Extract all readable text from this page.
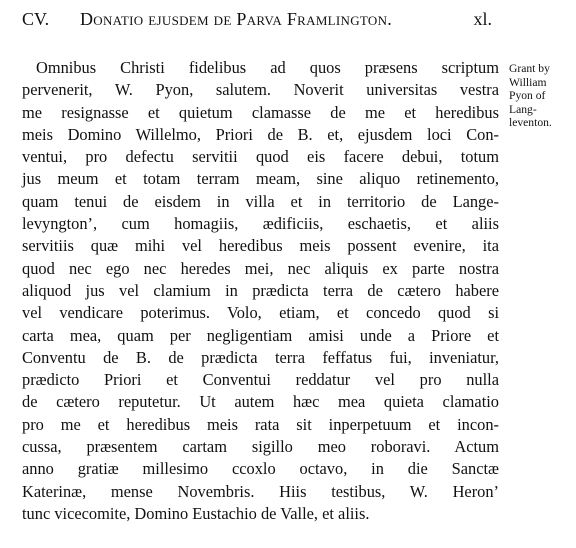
CV. Donatio ejusdem de Parva Framlington.	xl.
Omnibus Christi fidelibus ad quos præsens scriptum
pervenerit, W. Pyon, salutem. Noverit universitas vestra
me resignasse et quietum clamasse de me et heredibus
meis Domino Willelmo, Priori de B. et, ejusdem loci Con-
ventui, pro defectu servitii quod eis facere debui, totum
jus meum et totam terram meam, sine aliquo retinemento,
quam tenui de eisdem in villa et in territorio de Lange-
levyngton’, cum homagiis, ædificiis, eschaetis, et aliis
servitiis quæ mihi vel heredibus meis possent evenire, ita
quod nec ego nec heredes mei, nec aliquis ex parte nostra
aliquod jus vel clamium in prædicta terra de cætero habere
vel vendicare poterimus. Volo, etiam, et concedo quod si
carta mea, quam per negligentiam amisi unde a Priore et
Conventu de B. de prædicta terra feffatus fui, inveniatur,
prædicto Priori et Conventui reddatur vel pro nulla
de cætero reputetur. Ut autem hæc mea quieta clamatio
pro me et heredibus meis rata sit inperpetuum et incon-
cussa, præsentem cartam sigillo meo roboravi. Actum
anno gratiæ millesimo ccoxlo octavo, in die Sanctæ
Katerinæ, mense Novembris. Hiis testibus, W. Heron’
tunc vicecomite, Domino Eustachio de Valle, et aliis.
Grant by
William
Pyon of
Lang-
leventon.
